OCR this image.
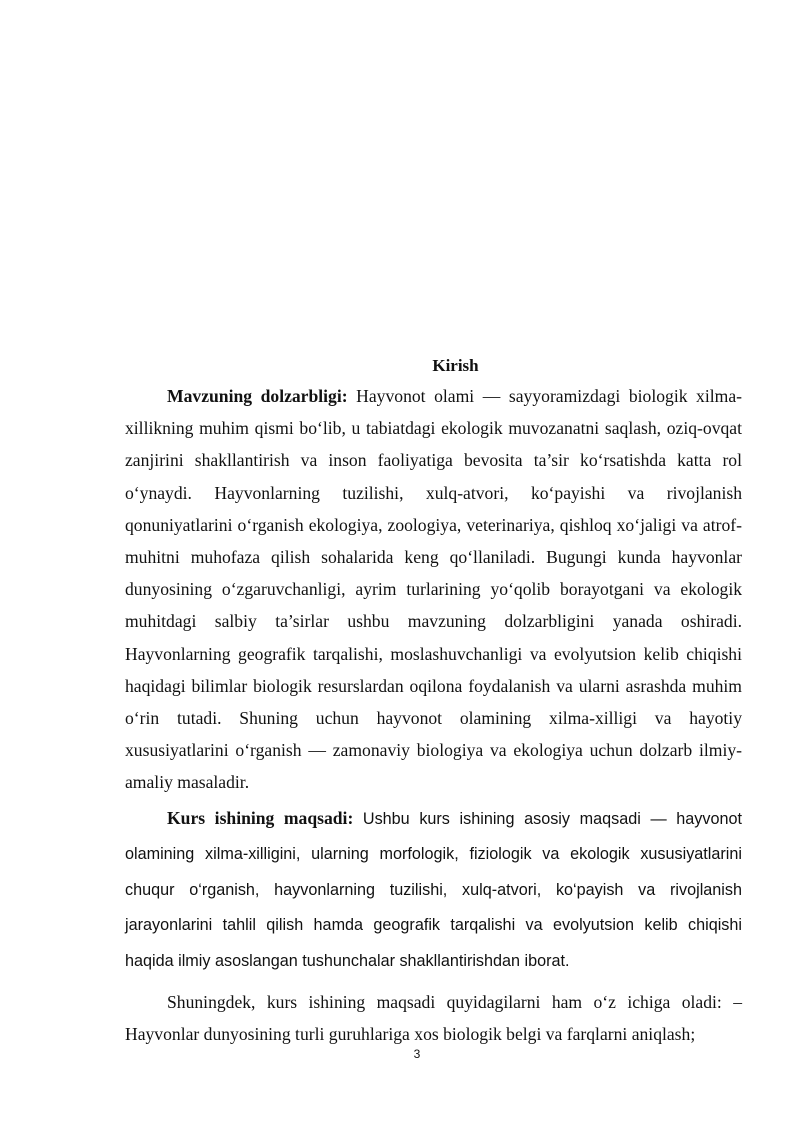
Kirish

Mavzuning dolzarbligi: Hayvonot olami — sayyoramizdagi biologik xilma-xillikning muhim qismi bo‘lib, u tabiatdagi ekologik muvozanatni saqlash, oziq-ovqat zanjirini shakllantirish va inson faoliyatiga bevosita ta’sir ko‘rsatishda katta rol o‘ynaydi. Hayvonlarning tuzilishi, xulq-atvori, ko‘payishi va rivojlanish qonuniyatlarini o‘rganish ekologiya, zoologiya, veterinariya, qishloq xo‘jaligi va atrof-muhitni muhofaza qilish sohalarida keng qo‘llaniladi. Bugungi kunda hayvonlar dunyosining o‘zgaruvchanligi, ayrim turlarining yo‘qolib borayotgani va ekologik muhitdagi salbiy ta’sirlar ushbu mavzuning dolzarbligini yanada oshiradi. Hayvonlarning geografik tarqalishi, moslashuvchanligi va evolyutsion kelib chiqishi haqidagi bilimlar biologik resurslardan oqilona foydalanish va ularni asrashda muhim o‘rin tutadi. Shuning uchun hayvonot olamining xilma-xilligi va hayotiy xususiyatlarini o‘rganish — zamonaviy biologiya va ekologiya uchun dolzarb ilmiy-amaliy masaladir.

Kurs ishining maqsadi: Ushbu kurs ishining asosiy maqsadi — hayvonot olamining xilma-xilligini, ularning morfologik, fiziologik va ekologik xususiyatlarini chuqur o‘rganish, hayvonlarning tuzilishi, xulq-atvori, ko‘payish va rivojlanish jarayonlarini tahlil qilish hamda geografik tarqalishi va evolyutsion kelib chiqishi haqida ilmiy asoslangan tushunchalar shakllantirishdan iborat.

Shuningdek, kurs ishining maqsadi quyidagilarni ham o‘z ichiga oladi: – Hayvonlar dunyosining turli guruhlariga xos biologik belgi va farqlarni aniqlash;

3
